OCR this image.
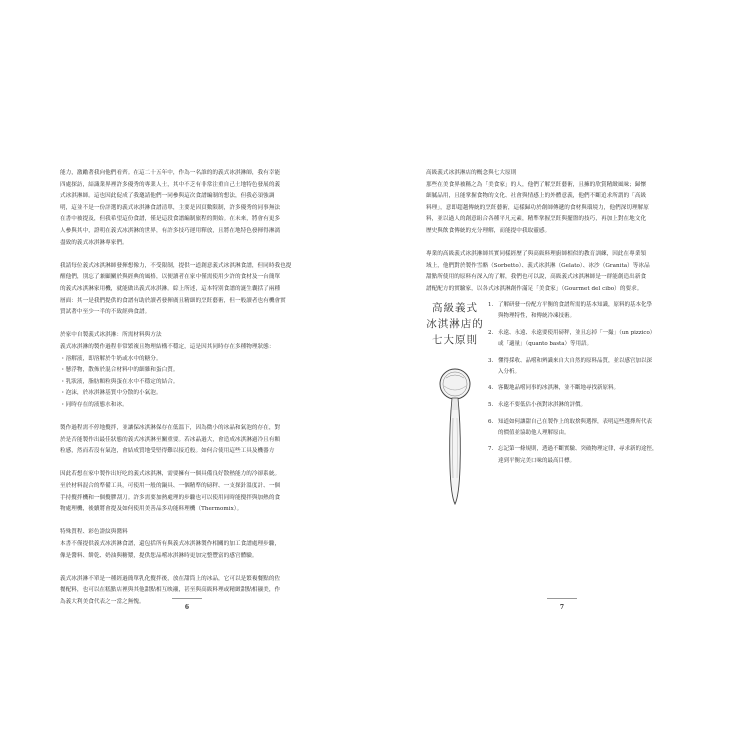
能力，激勵著我向他們看齊。在這二十五年中，作為一名誰的的義式冰淇淋師，我有幸能

四處探訪，結識業界裡許多優秀的專業人士，其中不乏有非常注重自己土地特色發展的義

式冰淇淋師。這也因此促成了我邀請他們一同參與這次食譜編制的想法，但我必須強調

明，這並不是一份評選的義式冰淇淋食譜清單，主要是因頁數限制，許多優秀的同事無法

在書中被提及，但我希望這份食譜，僅是這段食譜編制旅程的開始。在未來，將會有更多

人參與其中，證明在義式冰淇淋的世界，有許多技巧運用釋放，且將在地特色發揮得淋漓

盡致的義式冰淇淋專家們。

我請每位義式冰淇淋師發揮想像力，不受限制，提供一道創意義式冰淇淋食譜，但同時我也提

醒他們，別忘了兼顧關於與經典的風格，以便讀者在家中僅需使用少許的食材及一台簡單

的義式冰淇淋家用機，就能做出義式冰淇淋。綜上所述，這本特別食譜的誕生囊括了兩種

層面：其一是我們提供的食譜有助於讀者發揮廣且精細的烹飪藝術，但一般讀者也有機會實

質試著中至少一半的不致經典食譜。

於家中自製義式冰淇淋：所需材料與方法

義式冰淇淋的製作過程非常繁複且物理結構不穩定，這是因其同時存在多種物理狀態：

・溶解液，即溶解於牛奶或水中的糖分。

・懸浮物，散佈於混合材料中的細雜和蛋白質。

・乳狀液，脂肪顆粒與蛋在水中不穩定的結合。

・泡沫，於冰淇淋基質中分散的小氣泡。

・同時存在的液態水和冰。

製作過程需不停地攪拌，並讓保冰淇淋保存在低溫下，因為微小的冰晶和氣泡的存在，對

於是否能製作出最佳狀態的義式冰淇淋至關重要。若冰晶過大，會造成冰淇淋過冷且有顆

粒感，然而若沒有氣泡，會結成質地受堅得難以接近般。如何合使用這些工具及機器方

因此若想在家中製作出好吃的義式冰淇淋，需要擁有一個具備良好散熱能力的冷卻系統。

至於材料混合的準備工具，可使用一般的鍋具、一個精準的磅秤、一支探針溫度計、一個

手持攪拌機和一個攪膠刮刀。許多需要加熱處理的步驟也可以使用同時能攪拌與加熱的食

物處理機，後續將會提及如何使用美善品多功能料理機（Thermomix）。

特殊質程、彩色證紋與醬料

本書不僅提供義式冰淇淋食譜，還包括所有與義式冰淇淋製作相關的加工食譜處理步驟，

像是醬料、餅乾、奶油與糖漿，提供您品嚐冰淇淋時更加完整豐富的感官體驗。

義式冰淇淋不單是一種經過簡單乳化攪拌後，放在甜筒上的冰品，它可以是繁複餐點的佐

餐配料，也可以在糕點店裡與其他甜點相互映襯，甚至與高級料理或精緻甜點相襯美，作

為義大利美食代表之一當之無愧。

6	7

高級義式冰淇淋店的概念與七大原則

那些在美食界被稱之為「美食家」的人，他們了解烹飪藝術，且擁的欣賞精緻風味；歸懷

細膩品用，且能掌握食物的文化、社會與情感上的外體意義，他們不斷追求所謂的「高級

料理」，意即超越傳統的烹飪藝術，這樣歸功於創師傳遞的食材與環境力，他們深切理解原

料，並以過人的創意組合各種平凡元素，精準掌握烹飪與擺盤的技巧，再加上對在地文化

歷史與飲食傳統的充分理解，而能提中我取靈感。

專業的高級義式冰淇淋師其實同樣經歷了與高級料理廚師相似的教育訓練，因此在專業領

域上，他們對於製作雪酪（Sorbetto）、義式冰淇淋（Gelato）、冰沙（Granita）等冰品

甜點所使用的原料有深入的了解，我們也可以說，高級義式冰淇淋師是一群能創造出新食

譜配配方的實驗家，以各式冰淇淋創作滿足「美食家」（Gourmet del cibo）的要求。

高級義式
冰淇淋店的
七大原則
1. 了解研發一份配方平衡的食譜所需的基本知識，原料的基本化學
與物理特性，和傳統冷凍技術。
2. 永遠、永遠、永遠要使用磅秤，並且忘掉「一撮」（un pizzico）
或「適量」（quanto basta）等用語。
3. 懂得採收、品嚐和辨識來自大自然的原料品質，並以感官加以深
入分析。
4. 客觀地品嚐同事的冰淇淋，並不斷地尋找新原料。
5. 永遠不要低估小孩對冰淇淋的評價。
6. 知道如何讓甜自己在製作上的取捨與選擇，表明這些選擇所代表
的價值並協助他人理解原由。
7. 忘記第一條規則，透過不斷實驗、突破物理定律，尋求新的途徑，
達到平衡完美口味的最高目標。
